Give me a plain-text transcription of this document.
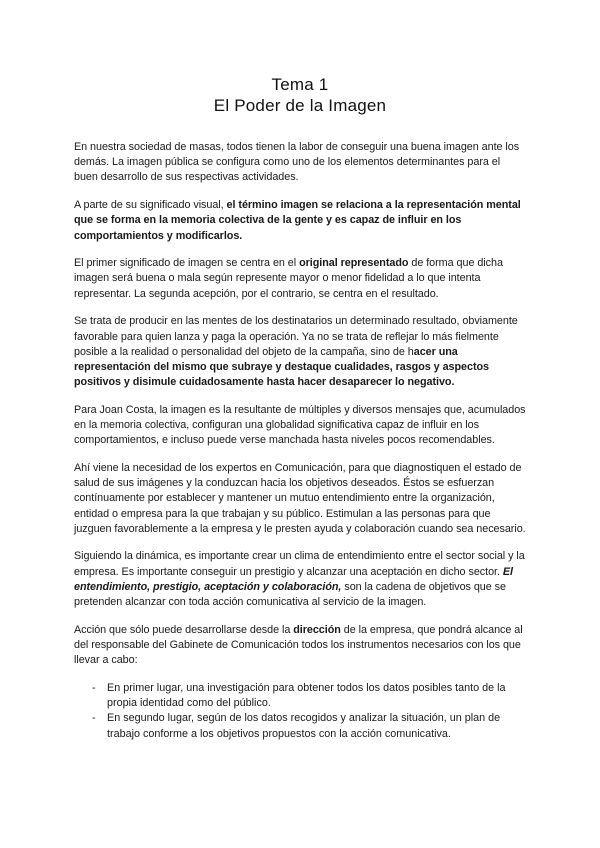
Tema 1
El Poder de la Imagen

En nuestra sociedad de masas, todos tienen la labor de conseguir una buena imagen ante los demás. La imagen pública se configura como uno de los elementos determinantes para el buen desarrollo de sus respectivas actividades.

A parte de su significado visual, el término imagen se relaciona a la representación mental que se forma en la memoria colectiva de la gente y es capaz de influir en los comportamientos y modificarlos.

El primer significado de imagen se centra en el original representado de forma que dicha imagen será buena o mala según represente mayor o menor fidelidad a lo que intenta representar. La segunda acepción, por el contrario, se centra en el resultado.

Se trata de producir en las mentes de los destinatarios un determinado resultado, obviamente favorable para quien lanza y paga la operación. Ya no se trata de reflejar lo más fielmente posible a la realidad o personalidad del objeto de la campaña, sino de hacer una representación del mismo que subraye y destaque cualidades, rasgos y aspectos positivos y disimule cuidadosamente hasta hacer desaparecer lo negativo.

Para Joan Costa, la imagen es la resultante de múltiples y diversos mensajes que, acumulados en la memoria colectiva, configuran una globalidad significativa capaz de influir en los comportamientos, e incluso puede verse manchada hasta niveles pocos recomendables.

Ahí viene la necesidad de los expertos en Comunicación, para que diagnostiquen el estado de salud de sus imágenes y la conduzcan hacia los objetivos deseados. Éstos se esfuerzan contínuamente por establecer y mantener un mutuo entendimiento entre la organización, entidad o empresa para la que trabajan y su público. Estimulan a las personas para que juzguen favorablemente a la empresa y le presten ayuda y colaboración cuando sea necesario.

Siguiendo la dinámica, es importante crear un clima de entendimiento entre el sector social y la empresa. Es importante conseguir un prestigio y alcanzar una aceptación en dicho sector. El entendimiento, prestigio, aceptación y colaboración, son la cadena de objetivos que se pretenden alcanzar con toda acción comunicativa al servicio de la imagen.

Acción que sólo puede desarrollarse desde la dirección de la empresa, que pondrá alcance al del responsable del Gabinete de Comunicación todos los instrumentos necesarios con los que llevar a cabo:

- En primer lugar, una investigación para obtener todos los datos posibles tanto de la propia identidad como del público.
- En segundo lugar, según de los datos recogidos y analizar la situación, un plan de trabajo conforme a los objetivos propuestos con la acción comunicativa.
